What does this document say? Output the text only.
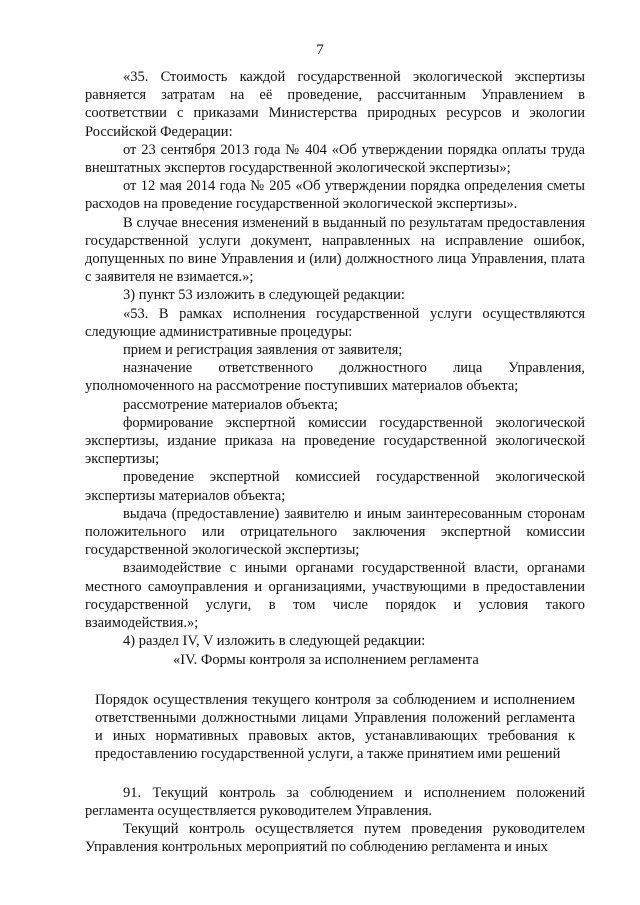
7

«35. Стоимость каждой государственной экологической экспертизы равняется затратам на её проведение, рассчитанным Управлением в соответствии с приказами Министерства природных ресурсов и экологии Российской Федерации:

от 23 сентября 2013 года № 404 «Об утверждении порядка оплаты труда внештатных экспертов государственной экологической экспертизы»;

от 12 мая 2014 года № 205 «Об утверждении порядка определения сметы расходов на проведение государственной экологической экспертизы».

В случае внесения изменений в выданный по результатам предоставления государственной услуги документ, направленных на исправление ошибок, допущенных по вине Управления и (или) должностного лица Управления, плата с заявителя не взимается.»;

3) пункт 53 изложить в следующей редакции:

«53. В рамках исполнения государственной услуги осуществляются следующие административные процедуры:

прием и регистрация заявления от заявителя;

назначение ответственного должностного лица Управления, уполномоченного на рассмотрение поступивших материалов объекта;

рассмотрение материалов объекта;

формирование экспертной комиссии государственной экологической экспертизы, издание приказа на проведение государственной экологической экспертизы;

проведение экспертной комиссией государственной экологической экспертизы материалов объекта;

выдача (предоставление) заявителю и иным заинтересованным сторонам положительного или отрицательного заключения экспертной комиссии государственной экологической экспертизы;

взаимодействие с иными органами государственной власти, органами местного самоуправления и организациями, участвующими в предоставлении государственной услуги, в том числе порядок и условия такого взаимодействия.»;

4) раздел IV, V изложить в следующей редакции:

«IV. Формы контроля за исполнением регламента

Порядок осуществления текущего контроля за соблюдением и исполнением ответственными должностными лицами Управления положений регламента и иных нормативных правовых актов, устанавливающих требования к предоставлению государственной услуги, а также принятием ими решений

91. Текущий контроль за соблюдением и исполнением положений регламента осуществляется руководителем Управления.

Текущий контроль осуществляется путем проведения руководителем Управления контрольных мероприятий по соблюдению регламента и иных
